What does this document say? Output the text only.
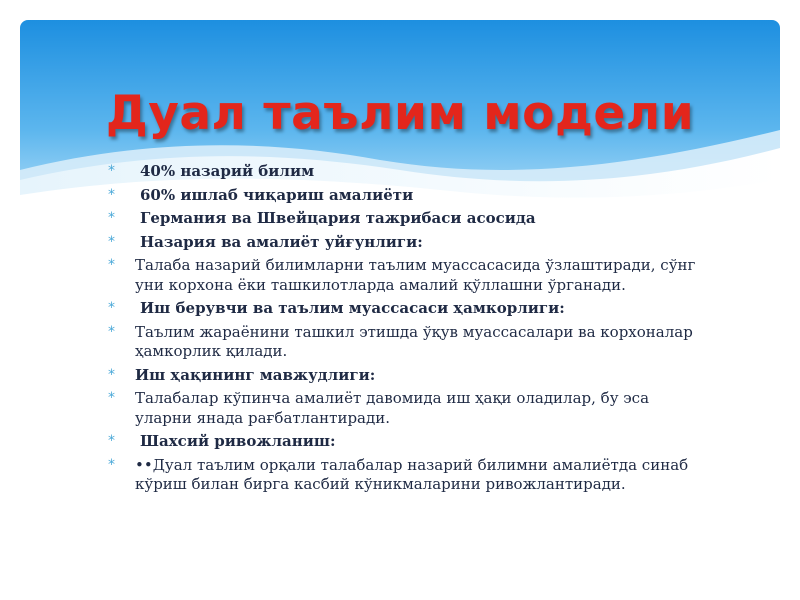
Дуал таълим модели
* 40% назарий билим
* 60% ишлаб чиқариш амалиёти
* Германия ва Швейцария тажрибаси асосида
* Назария ва амалиёт уйғунлиги:
* Талаба назарий билимларни таълим муассасасида ўзлаштиради, сўнг уни корхона ёки ташкилотларда амалий қўллашни ўрганади.
* Иш берувчи ва таълим муассасаси ҳамкорлиги:
* Таълим жараёнини ташкил этишда ўқув муассасалари ва корхоналар ҳамкорлик қилади.
* Иш ҳақининг мавжудлиги:
* Талабалар кўпинча амалиёт давомида иш ҳақи оладилар, бу эса уларни янада рағбатлантиради.
* Шахсий ривожланиш:
* ••Дуал таълим орқали талабалар назарий билимни амалиётда синаб кўриш билан бирга касбий кўникмаларини ривожлантиради.
